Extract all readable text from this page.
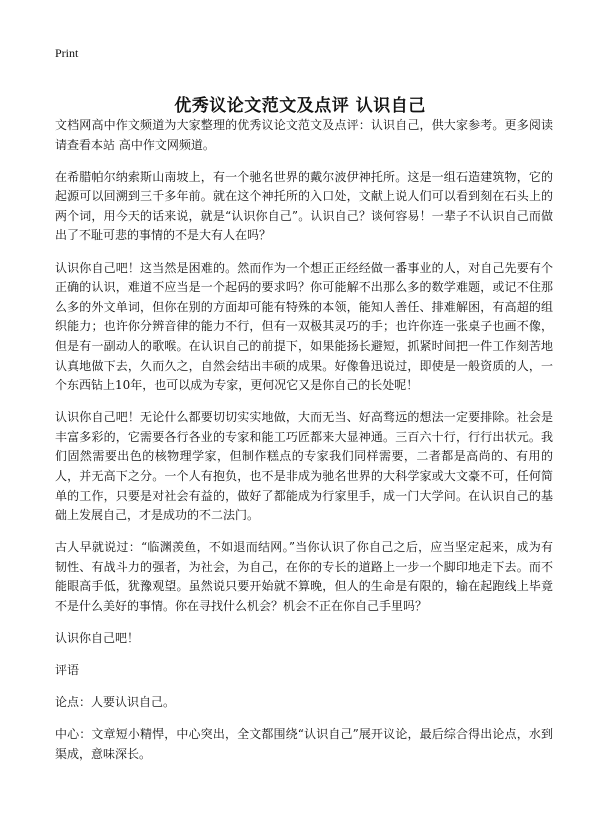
Print
优秀议论文范文及点评 认识自己

文档网高中作文频道为大家整理的优秀议论文范文及点评：认识自己，供大家参考。更多阅读请查看本站 高中作文网频道。

在希腊帕尔纳索斯山南坡上，有一个驰名世界的戴尔波伊神托所。这是一组石造建筑物，它的起源可以回溯到三千多年前。就在这个神托所的入口处，文献上说人们可以看到刻在石头上的两个词，用今天的话来说，就是“认识你自己”。认识自己？谈何容易！一辈子不认识自己而做出了不耻可悲的事情的不是大有人在吗？

认识你自己吧！这当然是困难的。然而作为一个想正正经经做一番事业的人，对自己先要有个正确的认识，难道不应当是一个起码的要求吗？你可能解不出那么多的数学难题，或记不住那么多的外文单词，但你在别的方面却可能有特殊的本领，能知人善任、排难解困，有高超的组织能力；也许你分辨音律的能力不行，但有一双极其灵巧的手；也许你连一张桌子也画不像，但是有一副动人的歌喉。在认识自己的前提下，如果能扬长避短，抓紧时间把一件工作刻苦地认真地做下去，久而久之，自然会结出丰硕的成果。好像鲁迅说过，即使是一般资质的人，一个东西钻上10年，也可以成为专家，更何况它又是你自己的长处呢！

认识你自己吧！无论什么都要切切实实地做，大而无当、好高骛远的想法一定要排除。社会是丰富多彩的，它需要各行各业的专家和能工巧匠都来大显神通。三百六十行，行行出状元。我们固然需要出色的核物理学家，但制作糕点的专家我们同样需要，二者都是高尚的、有用的人，并无高下之分。一个人有抱负，也不是非成为驰名世界的大科学家或大文豪不可，任何简单的工作，只要是对社会有益的，做好了都能成为行家里手，成一门大学问。在认识自己的基础上发展自己，才是成功的不二法门。

古人早就说过：“临渊羡鱼，不如退而结网。”当你认识了你自己之后，应当坚定起来，成为有韧性、有战斗力的强者，为社会，为自己，在你的专长的道路上一步一个脚印地走下去。而不能眼高手低，犹豫观望。虽然说只要开始就不算晚，但人的生命是有限的，输在起跑线上毕竟不是什么美好的事情。你在寻找什么机会？机会不正在你自己手里吗？

认识你自己吧！

评语

论点：人要认识自己。

中心：文章短小精悍，中心突出，全文都围绕“认识自己”展开议论，最后综合得出论点，水到渠成，意味深长。
